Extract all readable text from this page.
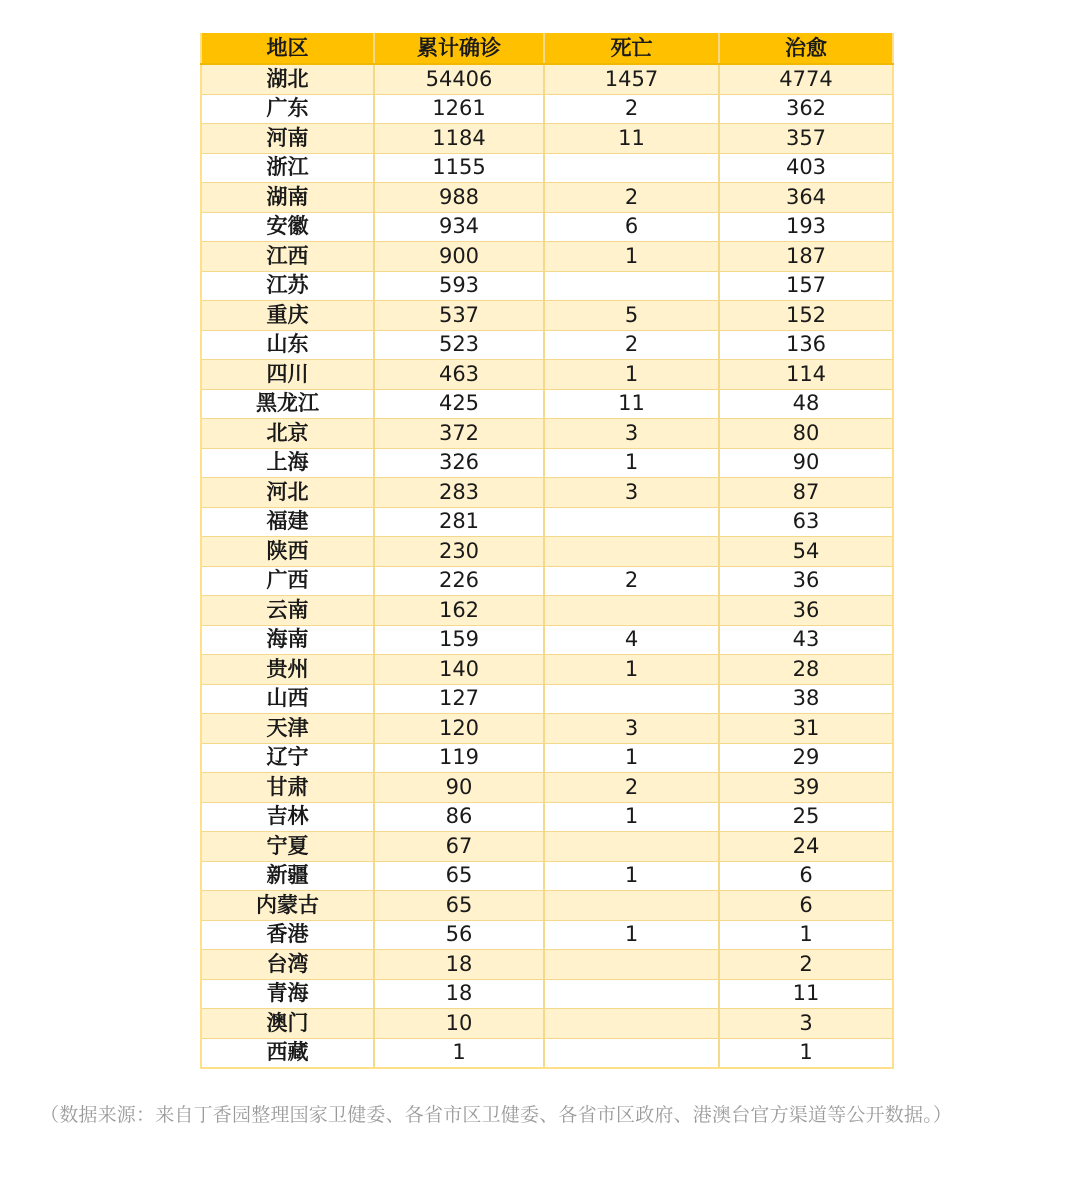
地区	累计确诊	死亡	治愈
湖北	54406	1457	4774
广东	1261	2	362
河南	1184	11	357
浙江	1155		403
湖南	988	2	364
安徽	934	6	193
江西	900	1	187
江苏	593		157
重庆	537	5	152
山东	523	2	136
四川	463	1	114
黑龙江	425	11	48
北京	372	3	80
上海	326	1	90
河北	283	3	87
福建	281		63
陕西	230		54
广西	226	2	36
云南	162		36
海南	159	4	43
贵州	140	1	28
山西	127		38
天津	120	3	31
辽宁	119	1	29
甘肃	90	2	39
吉林	86	1	25
宁夏	67		24
新疆	65	1	6
内蒙古	65		6
香港	56	1	1
台湾	18		2
青海	18		11
澳门	10		3
西藏	1		1
（数据来源：来自丁香园整理国家卫健委、各省市区卫健委、各省市区政府、港澳台官方渠道等公开数据。）
